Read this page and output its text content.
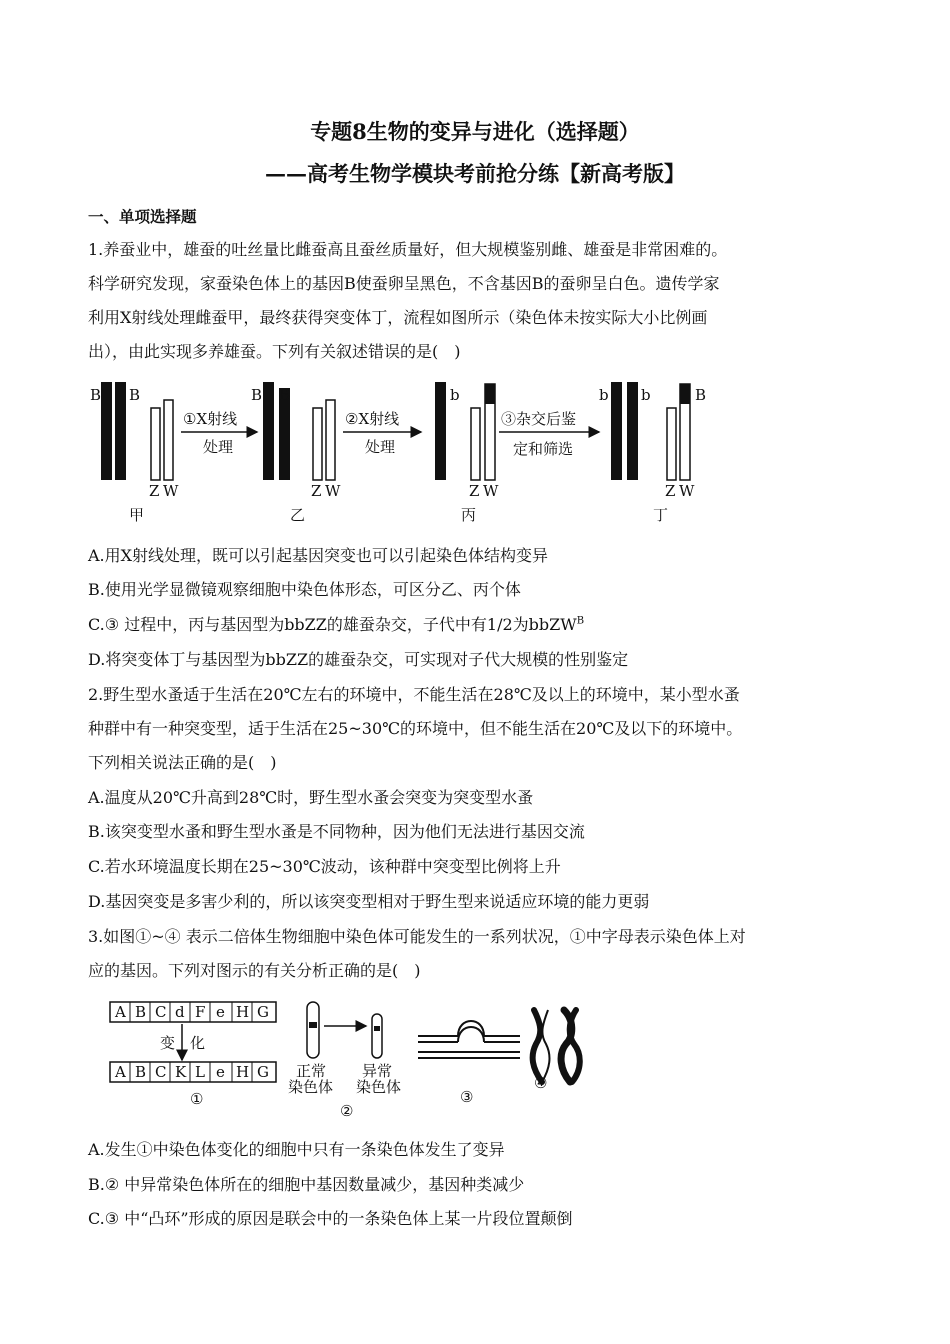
专题8生物的变异与进化（选择题）
——高考生物学模块考前抢分练【新高考版】
一、单项选择题
1.养蚕业中，雄蚕的吐丝量比雌蚕高且蚕丝质量好，但大规模鉴别雌、雄蚕是非常困难的。
科学研究发现，家蚕染色体上的基因B使蚕卵呈黑色，不含基因B的蚕卵呈白色。遗传学家
利用X射线处理雌蚕甲，最终获得突变体丁，流程如图所示（染色体未按实际大小比例画
出），由此实现多养雄蚕。下列有关叙述错误的是(　)
B B
Z W
甲
①X射线
处理
B B
Z W
乙
②X射线
处理
b
Z W
丙
③杂交后鉴
定和筛选
b b	B
Z W
丁
A.用X射线处理，既可以引起基因突变也可以引起染色体结构变异
B.使用光学显微镜观察细胞中染色体形态，可区分乙、丙个体
C.③ 过程中，丙与基因型为bbZZ的雄蚕杂交，子代中有1/2为bbZW$^B$
D.将突变体丁与基因型为bbZZ的雄蚕杂交，可实现对子代大规模的性别鉴定
2.野生型水蚤适于生活在20℃左右的环境中，不能生活在28℃及以上的环境中，某小型水蚤
种群中有一种突变型，适于生活在25~30℃的环境中，但不能生活在20℃及以下的环境中。
下列相关说法正确的是(　)
A.温度从20℃升高到28℃时，野生型水蚤会突变为突变型水蚤
B.该突变型水蚤和野生型水蚤是不同物种，因为他们无法进行基因交流
C.若水环境温度长期在25~30℃波动，该种群中突变型比例将上升
D.基因突变是多害少利的，所以该突变型相对于野生型来说适应环境的能力更弱
3.如图①~④ 表示二倍体生物细胞中染色体可能发生的一系列状况，①中字母表示染色体上对
应的基因。下列对图示的有关分析正确的是(　)
A B C d F e H G
变 化
A B C K L e H G
①
正常
染色体
异常
染色体
②
③
④
A.发生①中染色体变化的细胞中只有一条染色体发生了变异
B.② 中异常染色体所在的细胞中基因数量减少，基因种类减少
C.③ 中“凸环”形成的原因是联会中的一条染色体上某一片段位置颠倒
